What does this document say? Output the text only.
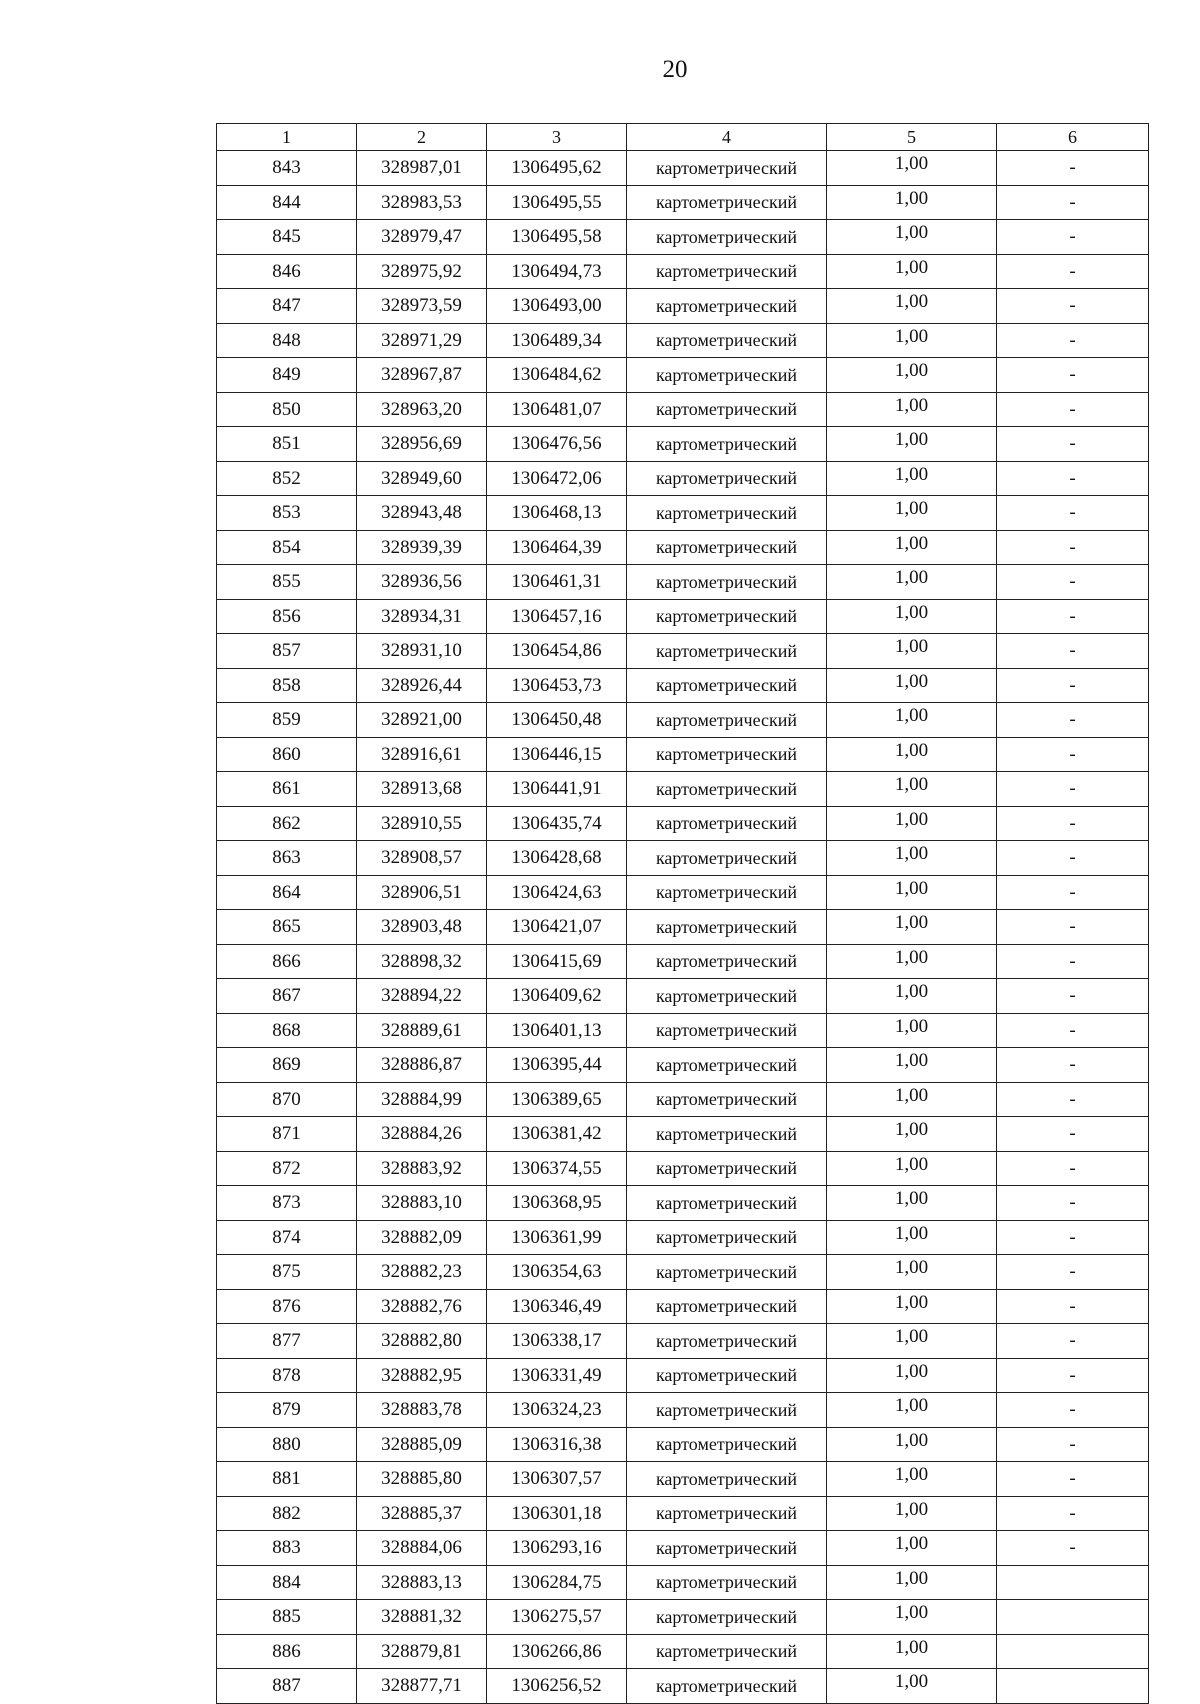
20
1	2	3	4	5	6
843	328987,01	1306495,62	картометрический	1,00	-
844	328983,53	1306495,55	картометрический	1,00	-
845	328979,47	1306495,58	картометрический	1,00	-
846	328975,92	1306494,73	картометрический	1,00	-
847	328973,59	1306493,00	картометрический	1,00	-
848	328971,29	1306489,34	картометрический	1,00	-
849	328967,87	1306484,62	картометрический	1,00	-
850	328963,20	1306481,07	картометрический	1,00	-
851	328956,69	1306476,56	картометрический	1,00	-
852	328949,60	1306472,06	картометрический	1,00	-
853	328943,48	1306468,13	картометрический	1,00	-
854	328939,39	1306464,39	картометрический	1,00	-
855	328936,56	1306461,31	картометрический	1,00	-
856	328934,31	1306457,16	картометрический	1,00	-
857	328931,10	1306454,86	картометрический	1,00	-
858	328926,44	1306453,73	картометрический	1,00	-
859	328921,00	1306450,48	картометрический	1,00	-
860	328916,61	1306446,15	картометрический	1,00	-
861	328913,68	1306441,91	картометрический	1,00	-
862	328910,55	1306435,74	картометрический	1,00	-
863	328908,57	1306428,68	картометрический	1,00	-
864	328906,51	1306424,63	картометрический	1,00	-
865	328903,48	1306421,07	картометрический	1,00	-
866	328898,32	1306415,69	картометрический	1,00	-
867	328894,22	1306409,62	картометрический	1,00	-
868	328889,61	1306401,13	картометрический	1,00	-
869	328886,87	1306395,44	картометрический	1,00	-
870	328884,99	1306389,65	картометрический	1,00	-
871	328884,26	1306381,42	картометрический	1,00	-
872	328883,92	1306374,55	картометрический	1,00	-
873	328883,10	1306368,95	картометрический	1,00	-
874	328882,09	1306361,99	картометрический	1,00	-
875	328882,23	1306354,63	картометрический	1,00	-
876	328882,76	1306346,49	картометрический	1,00	-
877	328882,80	1306338,17	картометрический	1,00	-
878	328882,95	1306331,49	картометрический	1,00	-
879	328883,78	1306324,23	картометрический	1,00	-
880	328885,09	1306316,38	картометрический	1,00	-
881	328885,80	1306307,57	картометрический	1,00	-
882	328885,37	1306301,18	картометрический	1,00	-
883	328884,06	1306293,16	картометрический	1,00	-
884	328883,13	1306284,75	картометрический	1,00	
885	328881,32	1306275,57	картометрический	1,00	
886	328879,81	1306266,86	картометрический	1,00	
887	328877,71	1306256,52	картометрический	1,00	
